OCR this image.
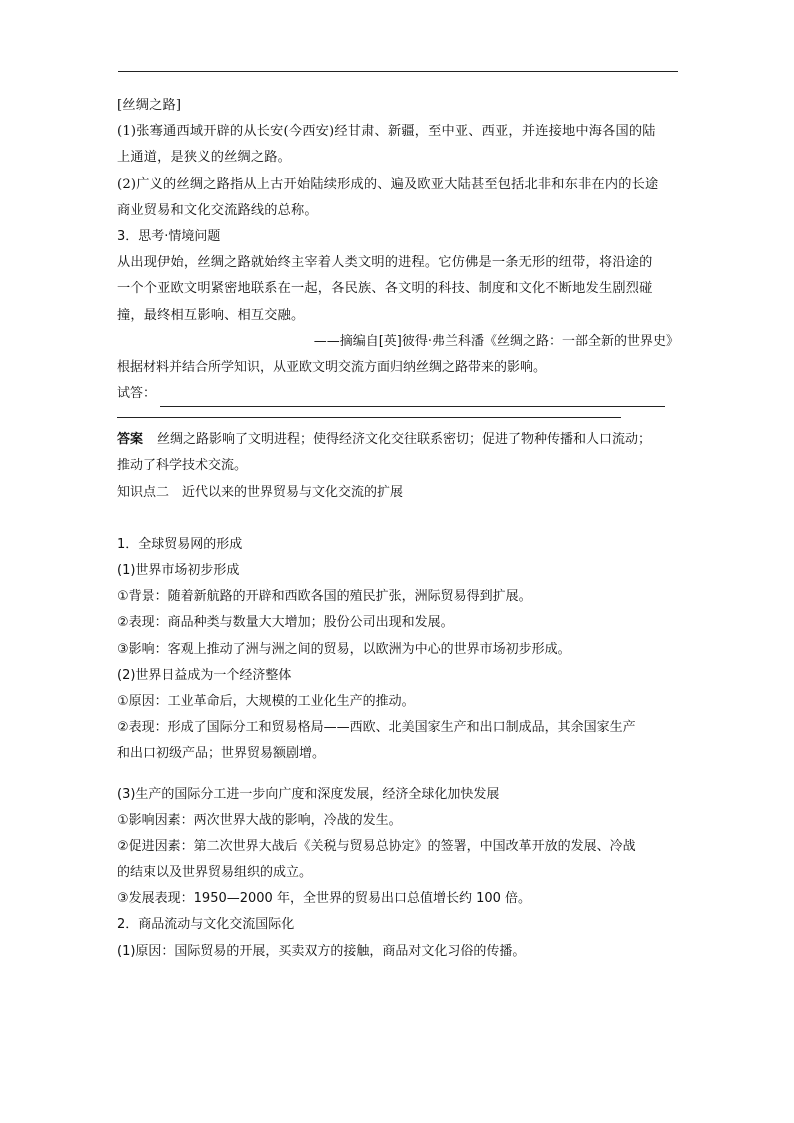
[丝绸之路]
(1)张骞通西域开辟的从长安(今西安)经甘肃、新疆，至中亚、西亚，并连接地中海各国的陆
上通道，是狭义的丝绸之路。
(2)广义的丝绸之路指从上古开始陆续形成的、遍及欧亚大陆甚至包括北非和东非在内的长途
商业贸易和文化交流路线的总称。
3．思考·情境问题
从出现伊始，丝绸之路就始终主宰着人类文明的进程。它仿佛是一条无形的纽带，将沿途的
一个个亚欧文明紧密地联系在一起，各民族、各文明的科技、制度和文化不断地发生剧烈碰
撞，最终相互影响、相互交融。
——摘编自[英]彼得·弗兰科潘《丝绸之路：一部全新的世界史》
根据材料并结合所学知识，从亚欧文明交流方面归纳丝绸之路带来的影响。
试答：
答案 丝绸之路影响了文明进程；使得经济文化交往联系密切；促进了物种传播和人口流动；
推动了科学技术交流。
知识点二　近代以来的世界贸易与文化交流的扩展
1．全球贸易网的形成
(1)世界市场初步形成
①背景：随着新航路的开辟和西欧各国的殖民扩张，洲际贸易得到扩展。
②表现：商品种类与数量大大增加；股份公司出现和发展。
③影响：客观上推动了洲与洲之间的贸易，以欧洲为中心的世界市场初步形成。
(2)世界日益成为一个经济整体
①原因：工业革命后，大规模的工业化生产的推动。
②表现：形成了国际分工和贸易格局——西欧、北美国家生产和出口制成品，其余国家生产
和出口初级产品；世界贸易额剧增。
(3)生产的国际分工进一步向广度和深度发展，经济全球化加快发展
①影响因素：两次世界大战的影响，冷战的发生。
②促进因素：第二次世界大战后《关税与贸易总协定》的签署，中国改革开放的发展、冷战
的结束以及世界贸易组织的成立。
③发展表现：1950—2000 年，全世界的贸易出口总值增长约 100 倍。
2．商品流动与文化交流国际化
(1)原因：国际贸易的开展，买卖双方的接触，商品对文化习俗的传播。
